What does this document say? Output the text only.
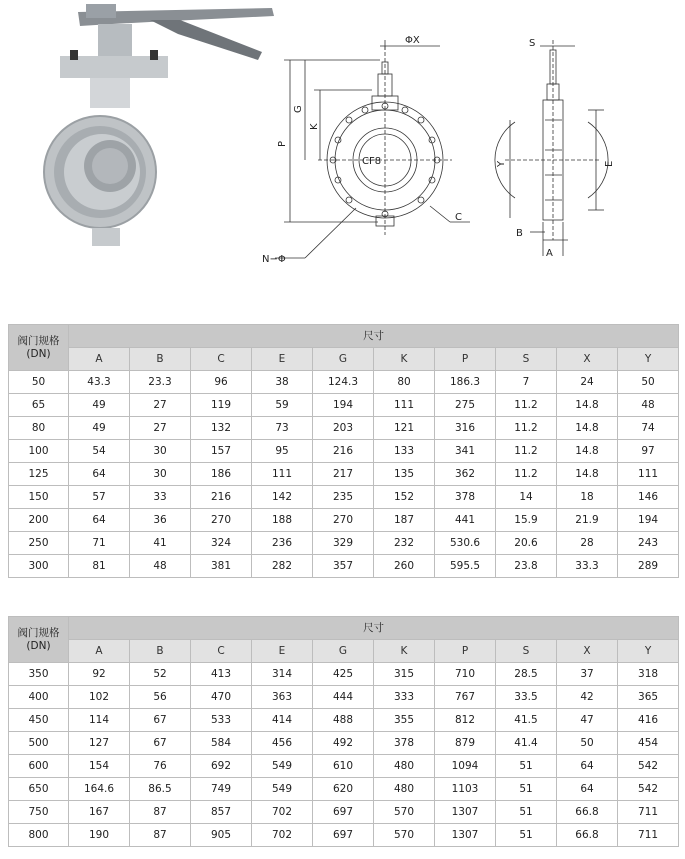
ΦX
G
K
P
CF8
C
N−Φ
S
Y	E
B
A
阀门规格
(DN)	尺寸									
	A	B	C	E	G	K	P	S	X	Y
50	43.3	23.3	96	38	124.3	80	186.3	7	24	50
65	49	27	119	59	194	111	275	11.2	14.8	48
80	49	27	132	73	203	121	316	11.2	14.8	74
100	54	30	157	95	216	133	341	11.2	14.8	97
125	64	30	186	111	217	135	362	11.2	14.8	111
150	57	33	216	142	235	152	378	14	18	146
200	64	36	270	188	270	187	441	15.9	21.9	194
250	71	41	324	236	329	232	530.6	20.6	28	243
300	81	48	381	282	357	260	595.5	23.8	33.3	289
阀门规格
(DN)	尺寸									
	A	B	C	E	G	K	P	S	X	Y
350	92	52	413	314	425	315	710	28.5	37	318
400	102	56	470	363	444	333	767	33.5	42	365
450	114	67	533	414	488	355	812	41.5	47	416
500	127	67	584	456	492	378	879	41.4	50	454
600	154	76	692	549	610	480	1094	51	64	542
650	164.6	86.5	749	549	620	480	1103	51	64	542
750	167	87	857	702	697	570	1307	51	66.8	711
800	190	87	905	702	697	570	1307	51	66.8	711
